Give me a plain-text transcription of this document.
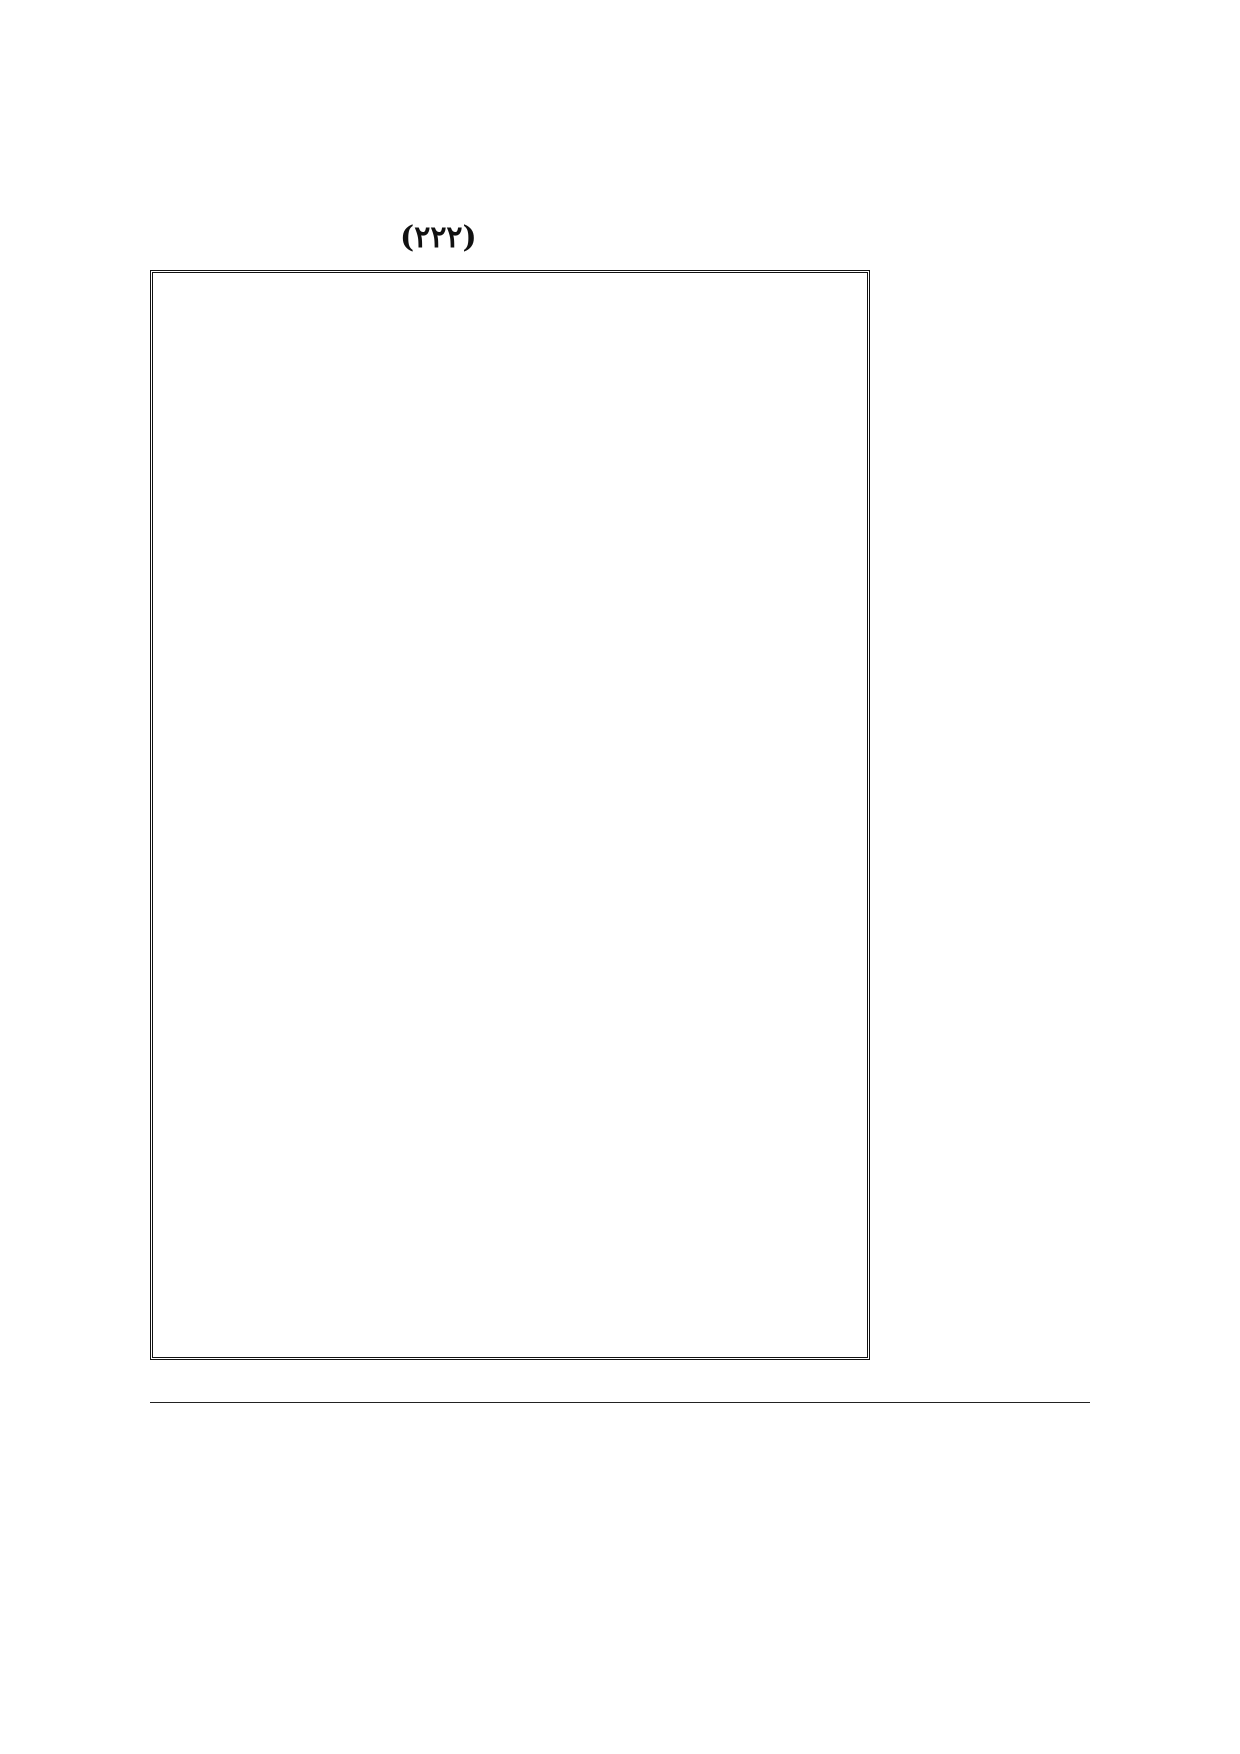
(٢٢٢)
